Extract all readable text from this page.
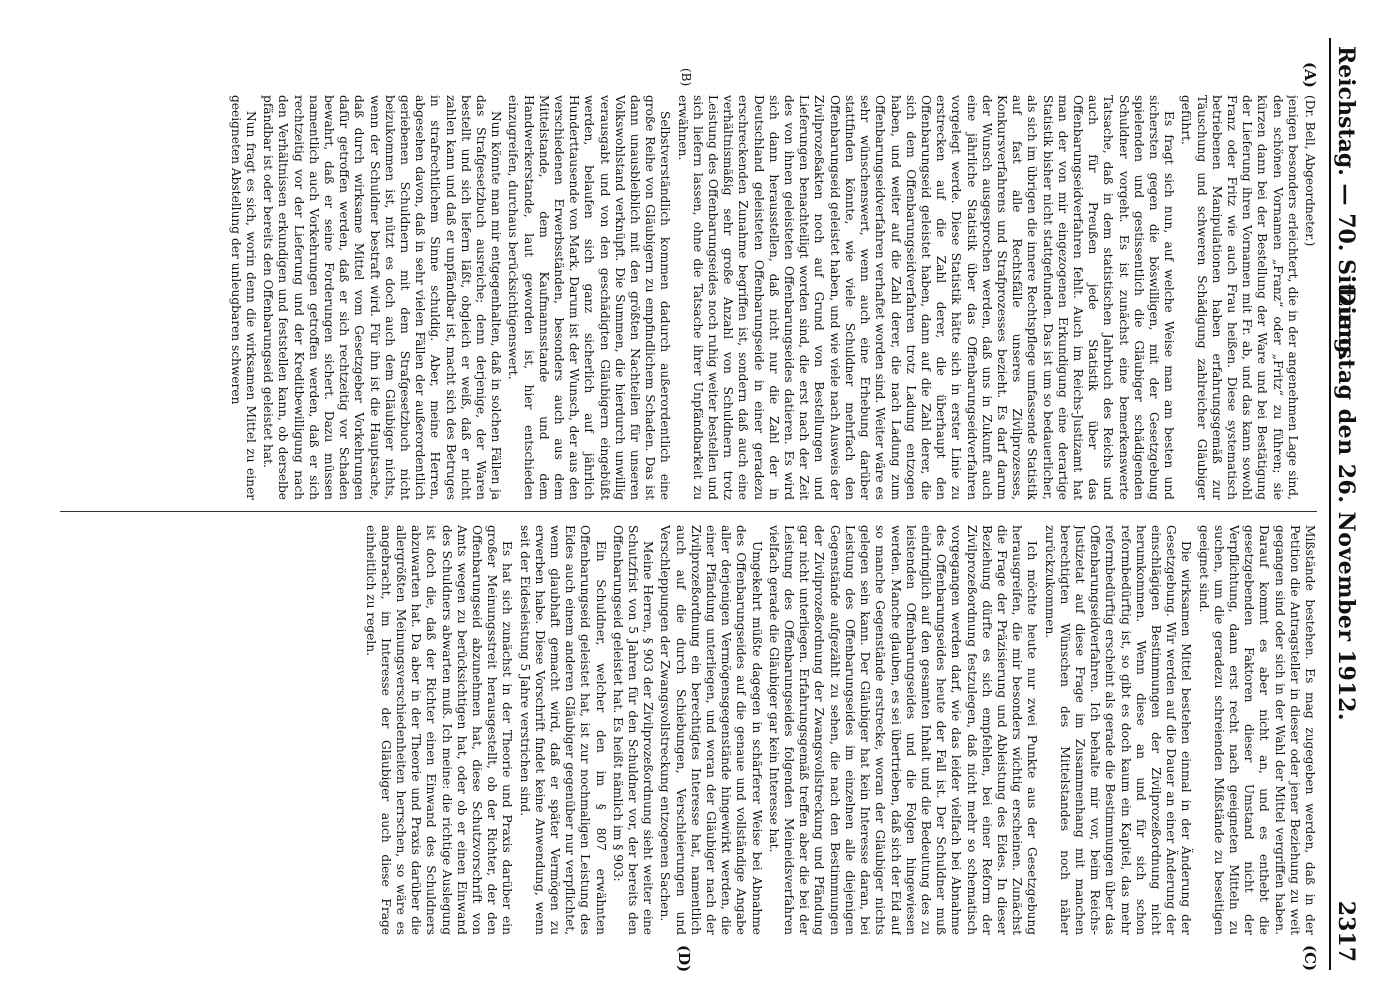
Reichstag. — 70. Sitzung.
Dienstag den 26. November 1912.
2317
(A)
(B)
(C)
(D)

(Dr. Bell, Abgeordneter.)

jenigen besonders erleichtert, die in der angenehmen Lage sind, den schönen Vornamen „Franz“ oder „Fritz“ zu führen; sie kürzen dann bei der Bestellung der Ware und bei Bestätigung der Lieferung ihren Vornamen mit Fr. ab, und das kann sowohl Franz oder Fritz wie auch Frau heißen. Diese systematisch betriebenen Manipulationen haben erfahrungsgemäß zur Täuschung und schweren Schädigung zahlreicher Gläubiger geführt.

Es fragt sich nun, auf welche Weise man am besten und sichersten gegen die böswilligen, mit der Gesetzgebung spielenden und gestissentlich die Gläubiger schädigenden Schuldner vorgeht. Es ist zunächst eine bemerkenswerte Tatsache, daß in dem statistischen Jahrbuch des Reichs und auch für Preußen jede Statistik über das Offenbarungseidverfahren fehlt. Auch im Reichs-Justizamt hat man der von mir eingezogenen Erkundigung eine derartige Statistik bisher nicht stattgefunden. Das ist um so bedauerlicher, als sich im übrigen die innere Rechtspflege umfassende Statistik auf fast alle Rechtsfälle unseres Zivilprozesses, Konkursverfahrens und Strafprozesses bezieht. Es darf darum der Wunsch ausgesprochen werden, daß uns in Zukunft auch eine jährliche Statistik über das Offenbarungseidverfahren vorgelegt werde. Diese Statistik hätte sich in erster Linie zu erstrecken auf die Zahl derer, die überhaupt den Offenbarungseid geleistet haben, dann auf die Zahl derer, die sich dem Offenbarungseidverfahren trotz Ladung entzogen haben, und weiter auf die Zahl derer, die nach Ladung zum Offenbarungseidverfahren verhaftet worden sind. Weiter wäre es sehr wünschenswert, wenn auch eine Erhebung darüber stattfinden könnte, wie viele Schuldner mehrfach den Offenbarungseid geleistet haben, und wie viele nach Ausweis der Zivilprozeßakten noch auf Grund von Bestellungen und Lieferungen benachteiligt worden sind, die erst nach der Zeit des von ihnen geleisteten Offenbarungseides datieren. Es wird sich dann herausstellen, daß nicht nur die Zahl der in Deutschland geleisteten Offenbarungseide in einer geradezu erschreckenden Zunahme begriffen ist, sondern daß auch eine verhältnismäßig sehr große Anzahl von Schuldnern trotz Leistung des Offenbarungseides noch ruhig weiter bestellen und sich liefern lassen, ohne die Tatsache ihrer Unpfändbarkeit zu erwähnen.

Selbstverständlich kommen dadurch außerordentlich eine große Reihe von Gläubigern zu empfindlichem Schaden. Das ist dann unausbleiblich mit den größten Nachteilen für unseren Volkswohlstand verknüpft. Die Summen, die hierdurch unwillig verausgabt und von den geschädigten Gläubigern eingebüßt werden, belaufen sich ganz sicherlich auf jährlich Hunderttausende von Mark. Darum ist der Wunsch, der aus den verschiedenen Erwerbsständen, besonders auch aus dem Mittelstande, dem Kaufmannsstande und dem Handwerkerstande, laut geworden ist, hier entschieden einzugreifen, durchaus berücksichtigenswert.

Nun könnte man mir entgegenhalten, daß in solchen Fällen ja das Strafgesetzbuch ausreiche; denn derjenige, der Waren bestellt und sich liefern läßt, obgleich er weiß, daß er nicht zahlen kann und daß er unpfändbar ist, macht sich des Betruges in strafrechtlichem Sinne schuldig. Aber, meine Herren, abgesehen davon, daß in sehr vielen Fällen der außerordentlich geriebenen Schuldnern mit dem Strafgesetzbuch nicht beizukommen ist, nützt es doch auch dem Gläubiger nichts, wenn der Schuldner bestraft wird. Für ihn ist die Hauptsache, daß durch wirksame Mittel vom Gesetzgeber Vorkehrungen dafür getroffen werden, daß er sich rechtzeitig vor Schaden bewahrt, daß er seine Forderungen sichert. Dazu müssen namentlich auch Vorkehrungen getroffen werden, daß er sich rechtzeitig vor der Lieferung und der Kreditbewilligung nach den Verhältnissen erkundigen und feststellen kann, ob derselbe pfändbar ist oder bereits den Offenbarungseid geleistet hat.

Nun fragt es sich, worin denn die wirksamen Mittel zu einer geeigneten Abstellung der unleugbaren schweren

Mißstände bestehen. Es mag zugegeben werden, daß in der Petition die Antragsteller in dieser oder jener Beziehung zu weit gegangen sind oder sich in der Wahl der Mittel vergriffen haben. Darauf kommt es aber nicht an, und es enthebt die gesetzgebenden Faktoren dieser Umstand nicht der Verpflichtung, dann erst recht nach geeigneten Mitteln zu suchen, um die geradezu schreienden Mißstände zu beseitigen geeignet sind.

Die wirksamen Mittel bestehen einmal in der Änderung der Gesetzgebung. Wir werden auf die Dauer an einer Änderung der einschlägigen Bestimmungen der Zivilprozeßordnung nicht herumkommen. Wenn diese an und für sich schon reformbedürftig ist, so gibt es doch kaum ein Kapitel, das mehr reformbedürftig erscheint als gerade die Bestimmungen über das Offenbarungseidverfahren. Ich behalte mir vor, beim Reichs-Justizetat auf diese Frage im Zusammenhang mit manchen berechtigten Wünschen des Mittelstandes noch näher zurückzukommen.

Ich möchte heute nur zwei Punkte aus der Gesetzgebung herausgreifen, die mir besonders wichtig erscheinen. Zunächst die Frage der Präzisierung und Ableistung des Eides. In dieser Beziehung dürfte es sich empfehlen, bei einer Reform der Zivilprozeßordnung festzulegen, daß nicht mehr so schematisch vorgegangen werden darf, wie das leider vielfach bei Abnahme des Offenbarungseides heute der Fall ist. Der Schuldner muß eindringlich auf den gesamten Inhalt und die Bedeutung des zu leistenden Offenbarungseides und die Folgen hingewiesen werden. Manche glauben, es sei übertrieben, daß sich der Eid auf so manche Gegenstände erstrecke, woran der Gläubiger nichts gelegen sein kann. Der Gläubiger hat kein Interesse daran, bei Leistung des Offenbarungseides im einzelnen alle diejenigen Gegenstände aufgezählt zu sehen, die nach den Bestimmungen der Zivilprozeßordnung der Zwangsvollstreckung und Pfändung gar nicht unterliegen. Erfahrungsgemäß treffen aber die bei der Leistung des Offenbarungseides folgenden Meineidsverfahren vielfach gerade die Gläubiger gar kein Interesse hat.

Umgekehrt müßte dagegen in schärferer Weise bei Abnahme des Offenbarungseides auf die genaue und vollständige Angabe aller derjenigen Vermögensgegenstände hingewirkt werden, die einer Pfändung unterliegen, und woran der Gläubiger nach der Zivilprozeßordnung ein berechtigtes Interesse hat, namentlich auch auf die durch Schiebungen, Verschleierungen und Verschleppungen der Zwangsvollstreckung entzogenen Sachen.

Meine Herren, § 903 der Zivilprozeßordnung sieht weiter eine Schutzfrist von 5 Jahren für den Schuldner vor, der bereits den Offenbarungseid geleistet hat. Es heißt nämlich im § 903:

Ein Schuldner, welcher den im § 807 erwähnten Offenbarungseid geleistet hat, ist zur nochmaligen Leistung des Eides auch einem anderen Gläubiger gegenüber nur verpflichtet, wenn glaubhaft gemacht wird, daß er später Vermögen zu erwerben habe. Diese Vorschrift findet keine Anwendung, wenn seit der Eidesleistung 5 Jahre verstrichen sind.

Es hat sich zunächst in der Theorie und Praxis darüber ein großer Meinungsstreit herausgestellt, ob der Richter, der den Offenbarungseid abzunehmen hat, diese Schutzvorschrift von Amts wegen zu berücksichtigen hat, oder ob er einen Einwand des Schuldners abwarten muß. Ich meine: die richtige Auslegung ist doch die, daß der Richter einen Einwand des Schuldners abzuwarten hat. Da aber in der Theorie und Praxis darüber die allergrößten Meinungsverschiedenheiten herrschen, so wäre es angebracht, im Interesse der Gläubiger auch diese Frage einheitlich zu regeln.
